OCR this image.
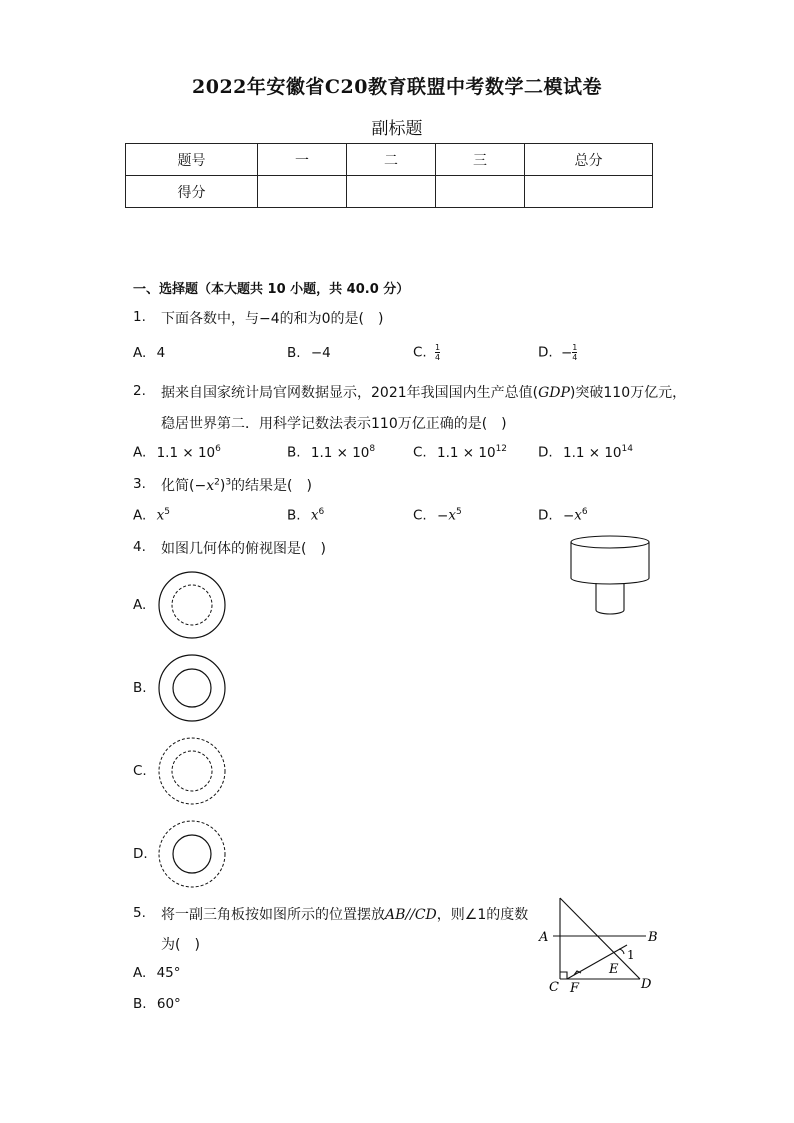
2022年安徽省C20教育联盟中考数学二模试卷
副标题
题号	一	二	三	总分
得分				
一、选择题（本大题共 10 小题，共 40.0 分）
1. 下面各数中，与−4的和为0的是(　)
A. 4	B. −4	C. $\frac{1}{4}$	D. − $\frac{1}{4}$
2. 据来自国家统计局官网数据显示，2021年我国国内生产总值(GDP)突破110万亿元，
稳居世界第二．用科学记数法表示110万亿正确的是(　)
A. $1.1 \times 10^6$	B. $1.1 \times 10^8$	C. $1.1 \times 10^{12}$ D. $1.1 \times 10^{14}$
3. 化简$(-x^2)^3$的结果是(　)
A. $x^5$	B. $x^6$	C. $-x^5$	D. $-x^6$
4. 如图几何体的俯视图是(　)
A.
B.
C.
D.
5. 将一副三角板按如图所示的位置摆放AB//CD，则∠1的度数
为(　)
A. 45°
B. 60°
A	B
C F
E
D
1
